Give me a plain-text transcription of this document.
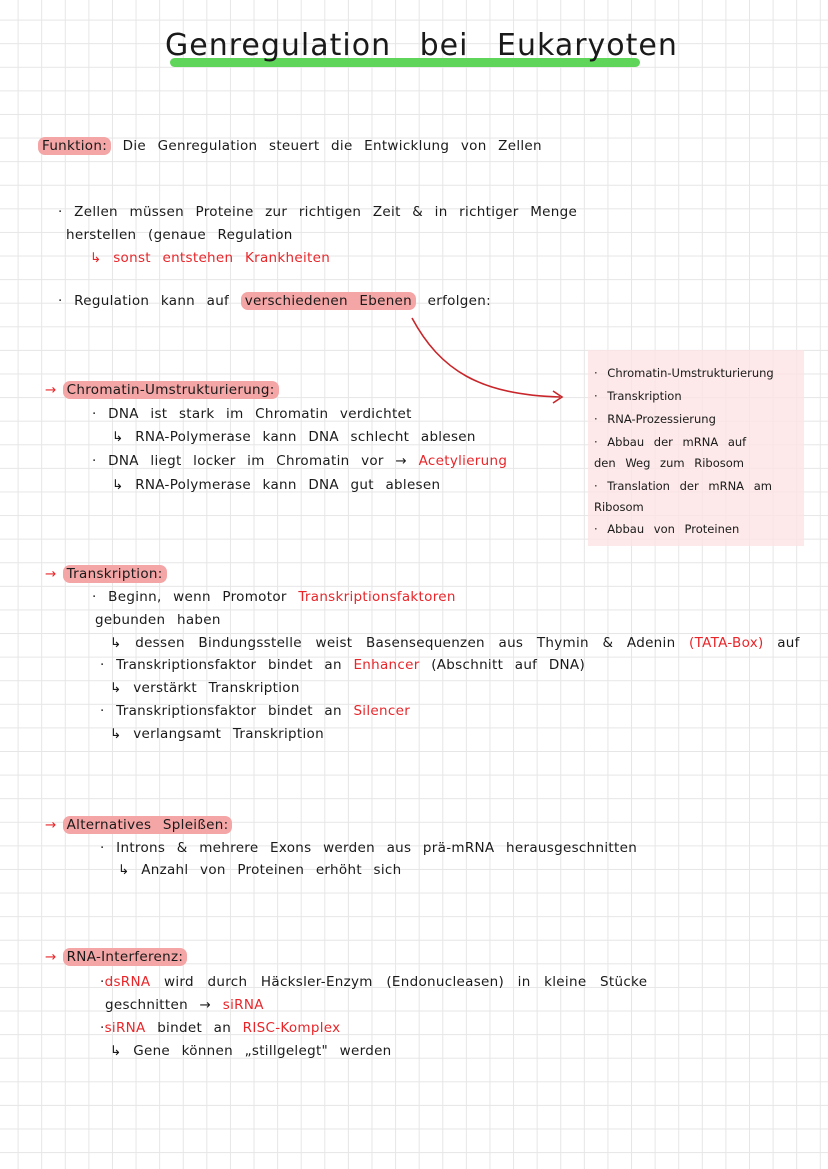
Genregulation bei Eukaryoten
Funktion: Die Genregulation steuert die Entwicklung von Zellen
· Zellen müssen Proteine zur richtigen Zeit & in richtiger Menge
herstellen (genaue Regulation
↳ sonst entstehen Krankheiten
· Regulation kann auf verschiedenen Ebenen erfolgen:
· Chromatin-Umstrukturierung
· Transkription
· RNA-Prozessierung
· Abbau der mRNA auf
den Weg zum Ribosom
· Translation der mRNA am
Ribosom
· Abbau von Proteinen
→ Chromatin-Umstrukturierung:
· DNA ist stark im Chromatin verdichtet
↳ RNA-Polymerase kann DNA schlecht ablesen
· DNA liegt locker im Chromatin vor → Acetylierung
↳ RNA-Polymerase kann DNA gut ablesen
→ Transkription:
· Beginn, wenn Promotor Transkriptionsfaktoren
gebunden haben
↳ dessen Bindungsstelle weist Basensequenzen aus Thymin & Adenin (TATA-Box) auf
· Transkriptionsfaktor bindet an Enhancer (Abschnitt auf DNA)
↳ verstärkt Transkription
· Transkriptionsfaktor bindet an Silencer
↳ verlangsamt Transkription
→ Alternatives Spleißen:
· Introns & mehrere Exons werden aus prä-mRNA herausgeschnitten
↳ Anzahl von Proteinen erhöht sich
→ RNA-Interferenz:
·dsRNA wird durch Häcksler-Enzym (Endonucleasen) in kleine Stücke
geschnitten → siRNA
·siRNA bindet an RISC-Komplex
↳ Gene können „stillgelegt" werden
